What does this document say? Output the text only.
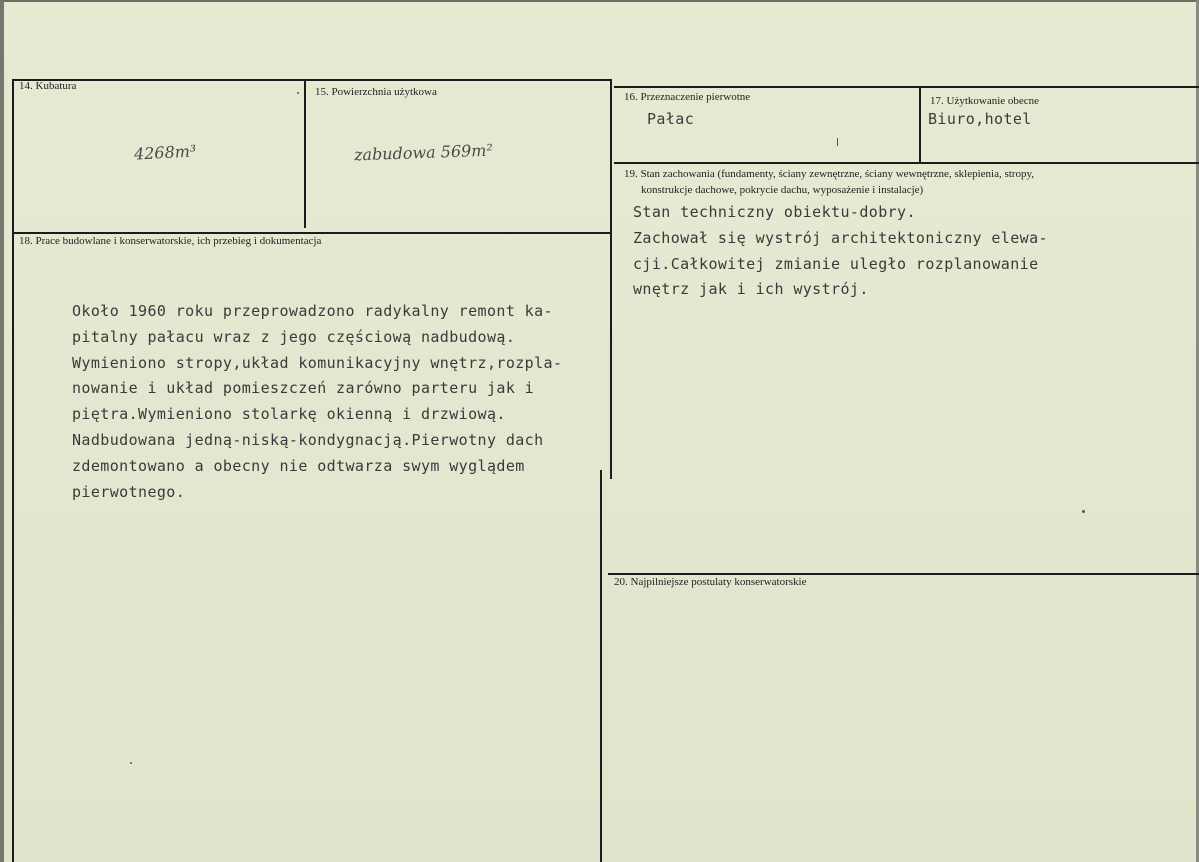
14. Kubatura
4268m³
15. Powierzchnia użytkowa
zabudowa 569m²
16. Przeznaczenie pierwotne
Pałac
17. Użytkowanie obecne
Biuro,hotel
18. Prace budowlane i konserwatorskie, ich przebieg i dokumentacja
Około 1960 roku przeprowadzono radykalny remont ka-
pitalny pałacu wraz z jego częściową nadbudową.
Wymieniono stropy,układ komunikacyjny wnętrz,rozpla-
nowanie i układ pomieszczeń zarówno parteru jak i
piętra.Wymieniono stolarkę okienną i drzwiową.
Nadbudowana jedną-niską-kondygnacją.Pierwotny dach
zdemontowano a obecny nie odtwarza swym wyglądem
pierwotnego.
19. Stan zachowania (fundamenty, ściany zewnętrzne, ściany wewnętrzne, sklepienia, stropy,
konstrukcje dachowe, pokrycie dachu, wyposażenie i instalacje)
Stan techniczny obiektu-dobry.
Zachował się wystrój architektoniczny elewa-
cji.Całkowitej zmianie uległo rozplanowanie
wnętrz jak i ich wystrój.
20. Najpilniejsze postulaty konserwatorskie
